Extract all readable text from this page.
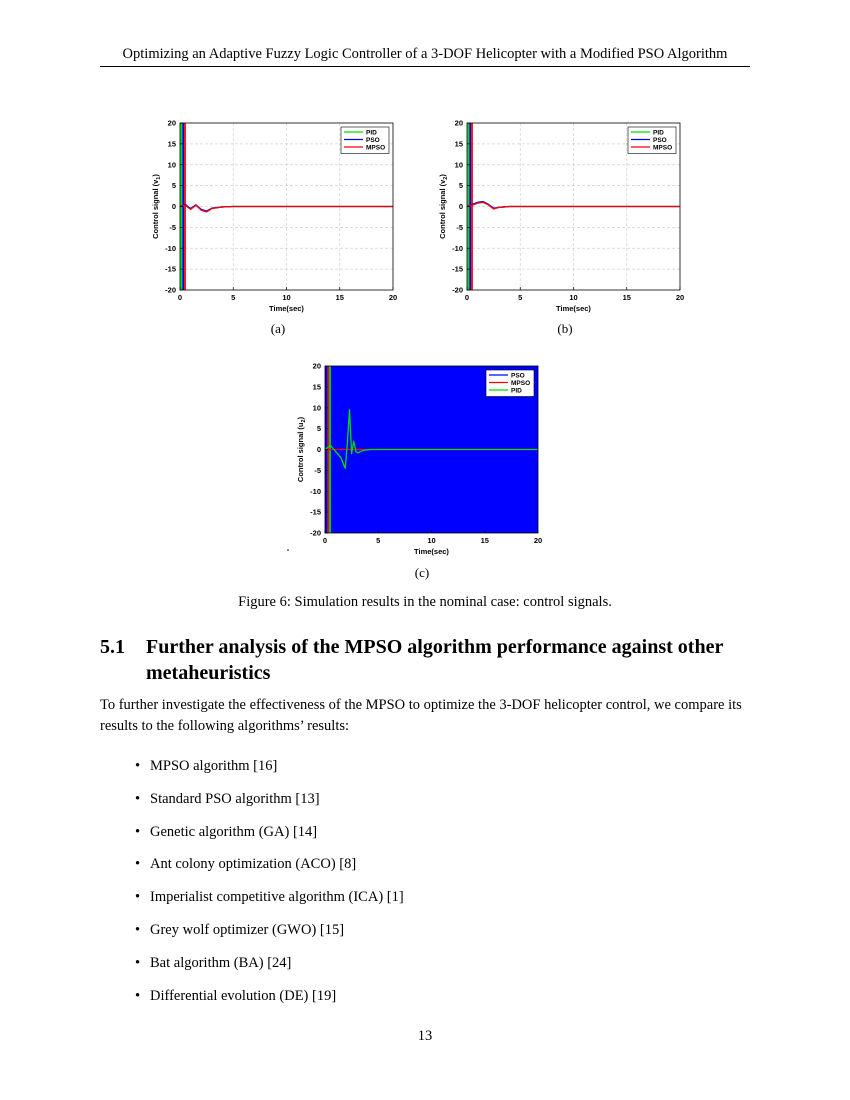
Optimizing an Adaptive Fuzzy Logic Controller of a 3-DOF Helicopter with a Modified PSO Algorithm
0	5	10	15	20
20
15
10
5
0
-5
-10
-15
-20
Time(sec)
Control signal $(v_1)$
PID
PSO
MPSO
(a)
0	5	10	15	20
20
15
10
5
0
-5
-10
-15
-20
Time(sec)
Control signal $(v_2)$
PID
PSO
MPSO
(b)
0	5	10	15	20
20
15
10
5
0
-5
-10
-15
-20
Time(sec)
Control signal $(u_2)$
PSO
MPSO
PID
(c)
Figure 6: Simulation results in the nominal case: control signals.
5.1 Further analysis of the MPSO algorithm performance against other metaheuristics
To further investigate the effectiveness of the MPSO to optimize the 3-DOF helicopter control, we compare its results to the following algorithms’ results:
• MPSO algorithm [16]
• Standard PSO algorithm [13]
• Genetic algorithm (GA) [14]
• Ant colony optimization (ACO) [8]
• Imperialist competitive algorithm (ICA) [1]
• Grey wolf optimizer (GWO) [15]
• Bat algorithm (BA) [24]
• Differential evolution (DE) [19]
13
